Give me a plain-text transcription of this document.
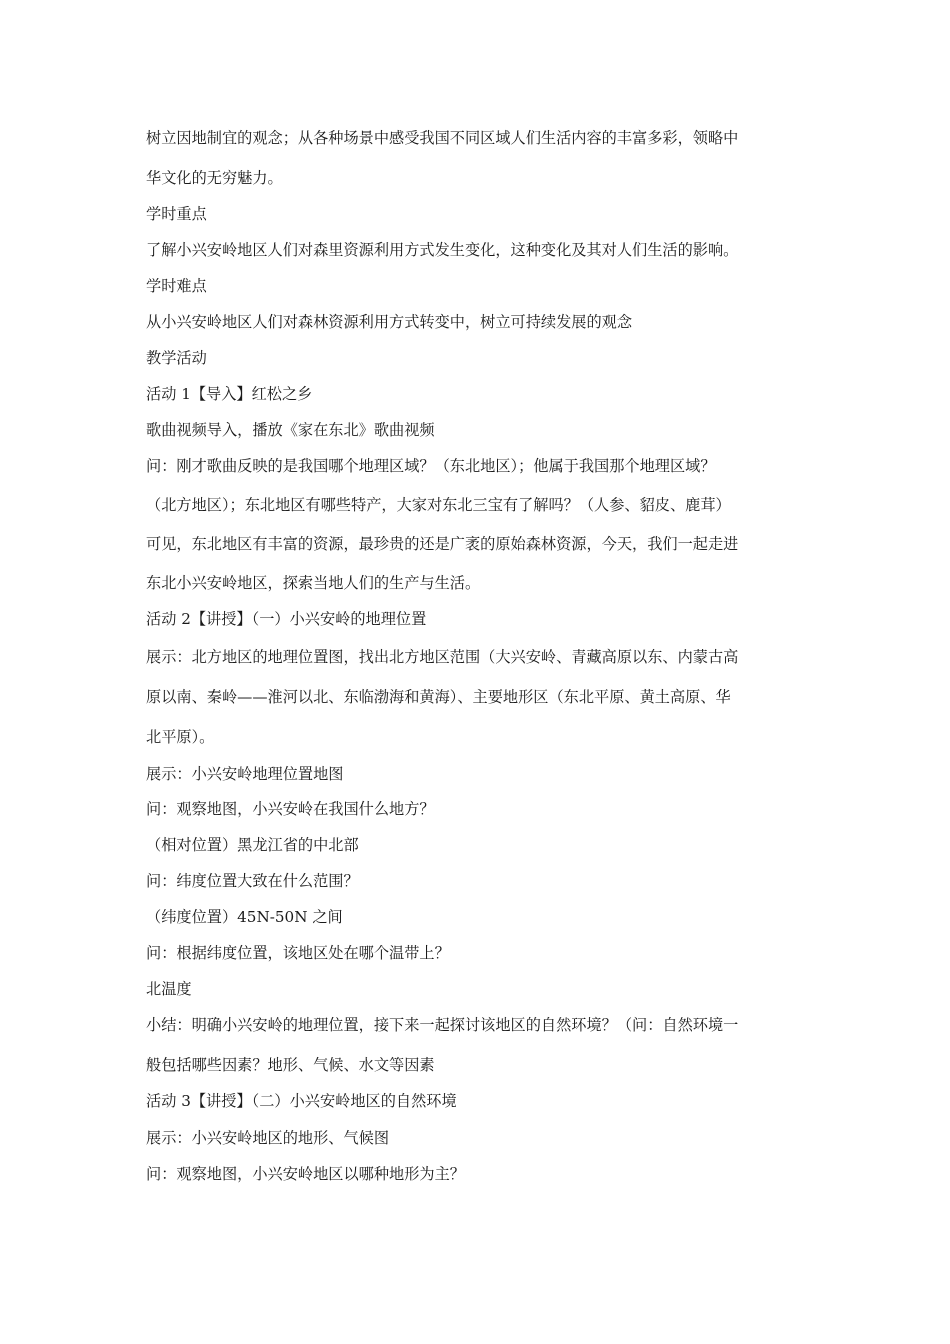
树立因地制宜的观念；从各种场景中感受我国不同区域人们生活内容的丰富多彩，领略中
华文化的无穷魅力。
学时重点
了解小兴安岭地区人们对森里资源利用方式发生变化，这种变化及其对人们生活的影响。
学时难点
从小兴安岭地区人们对森林资源利用方式转变中，树立可持续发展的观念
教学活动
活动 1【导入】红松之乡
歌曲视频导入，播放《家在东北》歌曲视频
问：刚才歌曲反映的是我国哪个地理区域？（东北地区）；他属于我国那个地理区域？
（北方地区）；东北地区有哪些特产，大家对东北三宝有了解吗？（人参、貂皮、鹿茸）
可见，东北地区有丰富的资源，最珍贵的还是广袤的原始森林资源，今天，我们一起走进
东北小兴安岭地区，探索当地人们的生产与生活。
活动 2【讲授】（一）小兴安岭的地理位置
展示：北方地区的地理位置图，找出北方地区范围（大兴安岭、青藏高原以东、内蒙古高
原以南、秦岭——淮河以北、东临渤海和黄海）、主要地形区（东北平原、黄土高原、华
北平原）。
展示：小兴安岭地理位置地图
问：观察地图，小兴安岭在我国什么地方？
（相对位置）黑龙江省的中北部
问：纬度位置大致在什么范围？
（纬度位置）45N-50N 之间
问：根据纬度位置，该地区处在哪个温带上？
北温度
小结：明确小兴安岭的地理位置，接下来一起探讨该地区的自然环境？（问：自然环境一
般包括哪些因素？地形、气候、水文等因素
活动 3【讲授】（二）小兴安岭地区的自然环境
展示：小兴安岭地区的地形、气候图
问：观察地图，小兴安岭地区以哪种地形为主？
